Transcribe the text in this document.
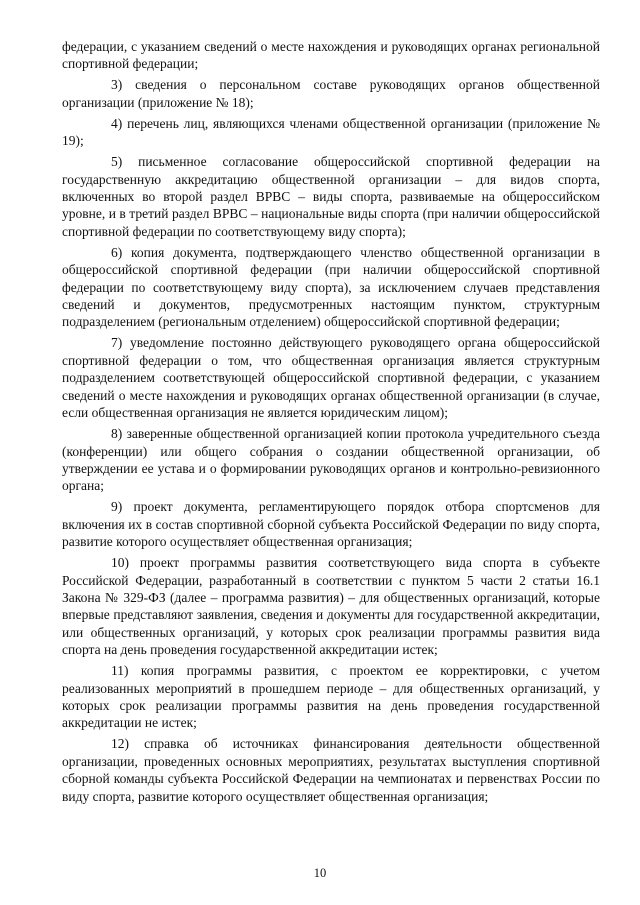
федерации, с указанием сведений о месте нахождения и руководящих органах региональной спортивной федерации;

3) сведения о персональном составе руководящих органов общественной организации (приложение № 18);

4) перечень лиц, являющихся членами общественной организации (приложение № 19);

5) письменное согласование общероссийской спортивной федерации на государственную аккредитацию общественной организации – для видов спорта, включенных во второй раздел ВРВС – виды спорта, развиваемые на общероссийском уровне, и в третий раздел ВРВС – национальные виды спорта (при наличии общероссийской спортивной федерации по соответствующему виду спорта);

6) копия документа, подтверждающего членство общественной организации в общероссийской спортивной федерации (при наличии общероссийской спортивной федерации по соответствующему виду спорта), за исключением случаев представления сведений и документов, предусмотренных настоящим пунктом, структурным подразделением (региональным отделением) общероссийской спортивной федерации;

7) уведомление постоянно действующего руководящего органа общероссийской спортивной федерации о том, что общественная организация является структурным подразделением соответствующей общероссийской спортивной федерации, с указанием сведений о месте нахождения и руководящих органах общественной организации (в случае, если общественная организация не является юридическим лицом);

8) заверенные общественной организацией копии протокола учредительного съезда (конференции) или общего собрания о создании общественной организации, об утверждении ее устава и о формировании руководящих органов и контрольно-ревизионного органа;

9) проект документа, регламентирующего порядок отбора спортсменов для включения их в состав спортивной сборной субъекта Российской Федерации по виду спорта, развитие которого осуществляет общественная организация;

10) проект программы развития соответствующего вида спорта в субъекте Российской Федерации, разработанный в соответствии с пунктом 5 части 2 статьи 16.1 Закона № 329-ФЗ (далее – программа развития) – для общественных организаций, которые впервые представляют заявления, сведения и документы для государственной аккредитации, или общественных организаций, у которых срок реализации программы развития вида спорта на день проведения государственной аккредитации истек;

11) копия программы развития, с проектом ее корректировки, с учетом реализованных мероприятий в прошедшем периоде – для общественных организаций, у которых срок реализации программы развития на день проведения государственной аккредитации не истек;

12) справка об источниках финансирования деятельности общественной организации, проведенных основных мероприятиях, результатах выступления спортивной сборной команды субъекта Российской Федерации на чемпионатах и первенствах России по виду спорта, развитие которого осуществляет общественная организация;

10
